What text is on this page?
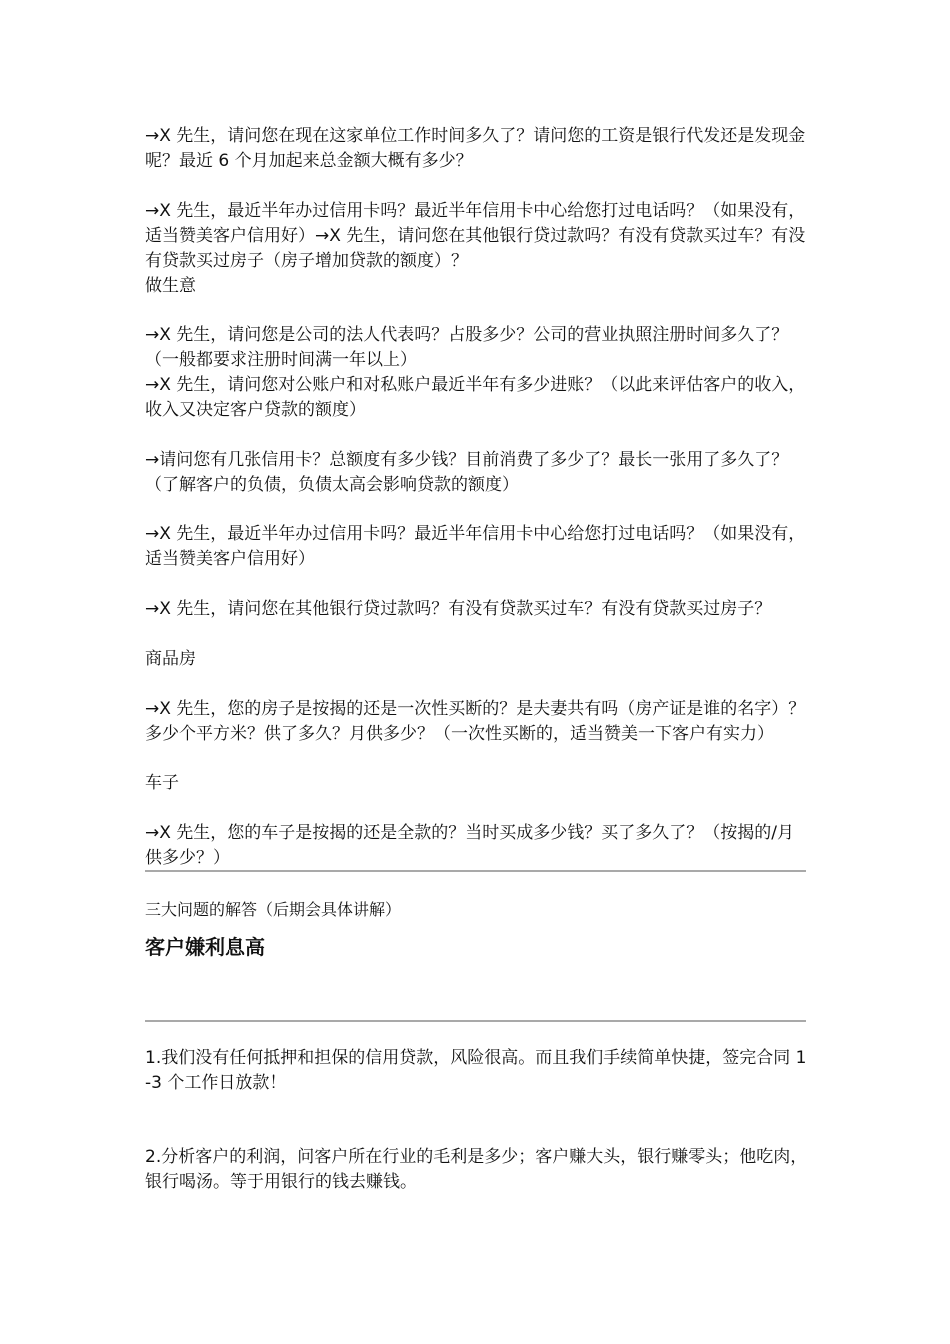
→X 先生，请问您在现在这家单位工作时间多久了？请问您的工资是银行代发还是发现金呢？最近 6 个月加起来总金额大概有多少？

→X 先生，最近半年办过信用卡吗？最近半年信用卡中心给您打过电话吗？（如果没有，适当赞美客户信用好）→X 先生，请问您在其他银行贷过款吗？有没有贷款买过车？有没有贷款买过房子（房子增加贷款的额度）？

做生意

→X 先生，请问您是公司的法人代表吗？占股多少？公司的营业执照注册时间多久了？（一般都要求注册时间满一年以上）

→X 先生，请问您对公账户和对私账户最近半年有多少进账？（以此来评估客户的收入，收入又决定客户贷款的额度）

→请问您有几张信用卡？总额度有多少钱？目前消费了多少了？最长一张用了多久了？（了解客户的负债，负债太高会影响贷款的额度）

→X 先生，最近半年办过信用卡吗？最近半年信用卡中心给您打过电话吗？（如果没有，适当赞美客户信用好）

→X 先生，请问您在其他银行贷过款吗？有没有贷款买过车？有没有贷款买过房子？

商品房

→X 先生，您的房子是按揭的还是一次性买断的？是夫妻共有吗（房产证是谁的名字）？多少个平方米？供了多久？月供多少？（一次性买断的，适当赞美一下客户有实力）

车子

→X 先生，您的车子是按揭的还是全款的？当时买成多少钱？买了多久了？（按揭的/月供多少？）

三大问题的解答（后期会具体讲解）

客户嫌利息高

1.我们没有任何抵押和担保的信用贷款，风险很高。而且我们手续简单快捷，签完合同 1-3 个工作日放款！

2.分析客户的利润，问客户所在行业的毛利是多少；客户赚大头，银行赚零头；他吃肉，银行喝汤。等于用银行的钱去赚钱。
